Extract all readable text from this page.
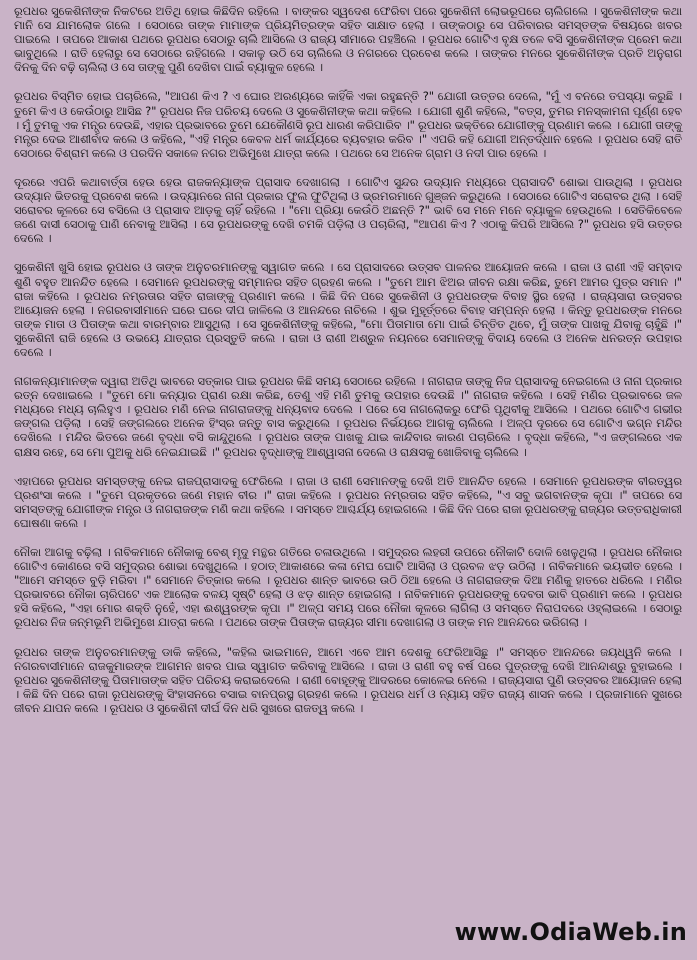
ରୂପଧର ସୁକେଶିନୀଙ୍କ ନିକଟରେ ଅତିଥି ହୋଇ କିଛିଦିନ ରହିଲେ । ବାଙ୍କର ସ୍ୱଦେଶ ଫେରିବା ପରେ ସୁକେଶିନୀ ଲୋଭରୂପରେ ଚାଲିଗଲେ । ସୁକେଶିନୀଙ୍କ କଥା ମାନି ସେ ଯାମଲୋକ ଗଲେ । ସେଠାରେ ତାଙ୍କ ମାମାଙ୍କ ପ୍ରିୟମିତ୍ରଙ୍କ ସହିତ ସାକ୍ଷାତ ହେଲା । ତାଙ୍କଠାରୁ ସେ ପରିବାରର ସମସ୍ତଙ୍କ ବିଷୟରେ ଖବର ପାଇଲେ । ତାପରେ ଆକାଶ ପଥରେ ରୂପଧର ସେଠାରୁ ଚାଲି ଆସିଲେ ଓ ରାଜ୍ୟ ସୀମାରେ ପହଞ୍ଚିଲେ । ରୂପଧର ଗୋଟିଏ ବୃକ୍ଷ ତଳେ ବସି ସୁକେଶିନୀଙ୍କ ପ୍ରେମ କଥା ଭାବୁଥିଲେ । ରାତି ହେଲାରୁ ସେ ସେଠାରେ ରହିଗଲେ । ସକାଳୁ ଉଠି ସେ ଚାଲିଲେ ଓ ନଗରରେ ପ୍ରବେଶ କଲେ । ତାଙ୍କର ମନରେ ସୁକେଶିନୀଙ୍କ ପ୍ରତି ଅନୁରାଗ ଦିନକୁ ଦିନ ବଢ଼ି ଚାଲିଲା ଓ ସେ ତାଙ୍କୁ ପୁଣି ଦେଖିବା ପାଇଁ ବ୍ୟାକୁଳ ହେଲେ ।

ରୂପଧର ବିସ୍ମିତ ହୋଇ ପଚାରିଲେ, "ଆପଣ କିଏ ? ଏ ଘୋର ଅରଣ୍ୟରେ କାହିଁକି ଏକା ରହୁଛନ୍ତି ?" ଯୋଗୀ ଉତ୍ତର ଦେଲେ, "ମୁଁ ଏ ବନରେ ତପସ୍ୟା କରୁଛି । ତୁମେ କିଏ ଓ କେଉଁଠାରୁ ଆସିଛ ?" ରୂପଧର ନିଜ ପରିଚୟ ଦେଲେ ଓ ସୁକେଶିନୀଙ୍କ କଥା କହିଲେ । ଯୋଗୀ ଶୁଣି କହିଲେ, "ବତ୍ସ, ତୁମର ମନସ୍କାମନା ପୂର୍ଣ୍ଣ ହେବ । ମୁଁ ତୁମକୁ ଏକ ମନ୍ତ୍ର ଦେଉଛି, ଏହାର ପ୍ରଭାବରେ ତୁମେ ଯେକୌଣସି ରୂପ ଧାରଣ କରିପାରିବ ।" ରୂପଧର ଭକ୍ତିରେ ଯୋଗୀଙ୍କୁ ପ୍ରଣାମ କଲେ । ଯୋଗୀ ତାଙ୍କୁ ମନ୍ତ୍ର ଦେଇ ଆଶୀର୍ବାଦ କଲେ ଓ କହିଲେ, "ଏହି ମନ୍ତ୍ର କେବଳ ଧର୍ମ କାର୍ଯ୍ୟରେ ବ୍ୟବହାର କରିବ ।" ଏପରି କହି ଯୋଗୀ ଅନ୍ତର୍ଦ୍ଧାନ ହେଲେ । ରୂପଧର ସେହି ରାତି ସେଠାରେ ବିଶ୍ରାମ କଲେ ଓ ପରଦିନ ସକାଳେ ନଗର ଅଭିମୁଖେ ଯାତ୍ରା କଲେ । ପଥରେ ସେ ଅନେକ ଗ୍ରାମ ଓ ନଦୀ ପାର ହେଲେ ।

ଦୂରରେ ଏପରି କଥାବାର୍ତ୍ତା ହେଉ ହେଉ ରାଜକନ୍ୟାଙ୍କ ପ୍ରାସାଦ ଦେଖାଗଲା । ଗୋଟିଏ ସୁନ୍ଦର ଉଦ୍ୟାନ ମଧ୍ୟରେ ପ୍ରାସାଦଟି ଶୋଭା ପାଉଥିଲା । ରୂପଧର ଉଦ୍ୟାନ ଭିତରକୁ ପ୍ରବେଶ କଲେ । ଉଦ୍ୟାନରେ ନାନା ପ୍ରକାର ଫୁଲ ଫୁଟିଥିଲା ଓ ଭ୍ରମରମାନେ ଗୁଞ୍ଜନ କରୁଥିଲେ । ସେଠାରେ ଗୋଟିଏ ସରୋବର ଥିଲା । ସେହି ସରୋବର କୂଳରେ ସେ ବସିଲେ ଓ ପ୍ରାସାଦ ଆଡ଼କୁ ଚାହିଁ ରହିଲେ । "ମୋ ପ୍ରିୟା କେଉଁଠି ଅଛନ୍ତି ?" ଭାବି ସେ ମନେ ମନେ ବ୍ୟାକୁଳ ହେଉଥିଲେ । ସେତିକିବେଳେ ଜଣେ ଦାସୀ ସେଠାକୁ ପାଣି ନେବାକୁ ଆସିଲା । ସେ ରୂପଧରଙ୍କୁ ଦେଖି ଚମକି ପଡ଼ିଲା ଓ ପଚାରିଲା, "ଆପଣ କିଏ ? ଏଠାକୁ କିପରି ଆସିଲେ ?" ରୂପଧର ହସି ଉତ୍ତର ଦେଲେ ।

ସୁକେଶିନୀ ଖୁସି ହୋଇ ରୂପଧର ଓ ତାଙ୍କ ଅନୁଚରମାନଙ୍କୁ ସ୍ୱାଗତ କଲେ । ସେ ପ୍ରାସାଦରେ ଉତ୍ସବ ପାଳନର ଆୟୋଜନ କଲେ । ରାଜା ଓ ରାଣୀ ଏହି ସମ୍ବାଦ ଶୁଣି ବହୁତ ଆନନ୍ଦିତ ହେଲେ । ସେମାନେ ରୂପଧରଙ୍କୁ ସମ୍ମାନର ସହିତ ଗ୍ରହଣ କଲେ । "ତୁମେ ଆମ ଝିଅର ଜୀବନ ରକ୍ଷା କରିଛ, ତୁମେ ଆମର ପୁତ୍ର ସମାନ ।" ରାଜା କହିଲେ । ରୂପଧର ନମ୍ରତାର ସହିତ ରାଜାଙ୍କୁ ପ୍ରଣାମ କଲେ । କିଛି ଦିନ ପରେ ସୁକେଶିନୀ ଓ ରୂପଧରଙ୍କ ବିବାହ ସ୍ଥିର ହେଲା । ରାଜ୍ୟସାରା ଉତ୍ସବର ଆୟୋଜନ ହେଲା । ନଗରବାସୀମାନେ ଘରେ ଘରେ ଦୀପ ଜାଳିଲେ ଓ ଆନନ୍ଦରେ ନାଚିଲେ । ଶୁଭ ମୁହୂର୍ତ୍ତରେ ବିବାହ ସମ୍ପନ୍ନ ହେଲା । କିନ୍ତୁ ରୂପଧରଙ୍କ ମନରେ ତାଙ୍କ ମାତା ଓ ପିତାଙ୍କ କଥା ବାରମ୍ବାର ଆସୁଥିଲା । ସେ ସୁକେଶିନୀଙ୍କୁ କହିଲେ, "ମୋ ପିତାମାତା ମୋ ପାଇଁ ଚିନ୍ତିତ ଥିବେ, ମୁଁ ତାଙ୍କ ପାଖକୁ ଯିବାକୁ ଚାହୁଁଛି ।" ସୁକେଶିନୀ ରାଜି ହେଲେ ଓ ଉଭୟେ ଯାତ୍ରାର ପ୍ରସ୍ତୁତି କଲେ । ରାଜା ଓ ରାଣୀ ଅଶ୍ରୁଳ ନୟନରେ ସେମାନଙ୍କୁ ବିଦାୟ ଦେଲେ ଓ ଅନେକ ଧନରତ୍ନ ଉପହାର ଦେଲେ ।

ନାଗକନ୍ୟାମାନଙ୍କ ଦ୍ୱାରା ଅତିଥି ଭାବରେ ସତ୍କାର ପାଇ ରୂପଧର କିଛି ସମୟ ସେଠାରେ ରହିଲେ । ନାଗରାଜ ତାଙ୍କୁ ନିଜ ପ୍ରାସାଦକୁ ନେଇଗଲେ ଓ ନାନା ପ୍ରକାର ରତ୍ନ ଦେଖାଇଲେ । "ତୁମେ ମୋ କନ୍ୟାର ପ୍ରାଣ ରକ୍ଷା କରିଛ, ତେଣୁ ଏହି ମଣି ତୁମକୁ ଉପହାର ଦେଉଛି ।" ନାଗରାଜ କହିଲେ । ସେହି ମଣିର ପ୍ରଭାବରେ ଜଳ ମଧ୍ୟରେ ମଧ୍ୟ ଚାଲିହୁଏ । ରୂପଧର ମଣି ନେଇ ନାଗରାଜଙ୍କୁ ଧନ୍ୟବାଦ ଦେଲେ । ପରେ ସେ ନାଗଲୋକରୁ ଫେରି ପୃଥିବୀକୁ ଆସିଲେ । ପଥରେ ଗୋଟିଏ ଗଭୀର ଜଙ୍ଗଲ ପଡ଼ିଲା । ସେହି ଜଙ୍ଗଲରେ ଅନେକ ହିଂସ୍ର ଜନ୍ତୁ ବାସ କରୁଥିଲେ । ରୂପଧର ନିର୍ଭୟରେ ଆଗକୁ ଚାଲିଲେ । ଅଳ୍ପ ଦୂରରେ ସେ ଗୋଟିଏ ଭଗ୍ନ ମନ୍ଦିର ଦେଖିଲେ । ମନ୍ଦିର ଭିତରେ ଜଣେ ବୃଦ୍ଧା ବସି କାନ୍ଦୁଥିଲେ । ରୂପଧର ତାଙ୍କ ପାଖକୁ ଯାଇ କାନ୍ଦିବାର କାରଣ ପଚାରିଲେ । ବୃଦ୍ଧା କହିଲେ, "ଏ ଜଙ୍ଗଲରେ ଏକ ରାକ୍ଷସ ରହେ, ସେ ମୋ ପୁଅକୁ ଧରି ନେଇଯାଇଛି ।" ରୂପଧର ବୃଦ୍ଧାଙ୍କୁ ଆଶ୍ୱାସନା ଦେଲେ ଓ ରାକ୍ଷସକୁ ଖୋଜିବାକୁ ଚାଲିଲେ ।

ଏହାପରେ ରୂପଧର ସମସ୍ତଙ୍କୁ ନେଇ ରାଜପ୍ରାସାଦକୁ ଫେରିଲେ । ରାଜା ଓ ରାଣୀ ସେମାନଙ୍କୁ ଦେଖି ଅତି ଆନନ୍ଦିତ ହେଲେ । ସେମାନେ ରୂପଧରଙ୍କ ବୀରତ୍ୱର ପ୍ରଶଂସା କଲେ । "ତୁମେ ପ୍ରକୃତରେ ଜଣେ ମହାନ ବୀର ।" ରାଜା କହିଲେ । ରୂପଧର ନମ୍ରତାର ସହିତ କହିଲେ, "ଏ ସବୁ ଭଗବାନଙ୍କ କୃପା ।" ତାପରେ ସେ ସମସ୍ତଙ୍କୁ ଯୋଗୀଙ୍କ ମନ୍ତ୍ର ଓ ନାଗରାଜଙ୍କ ମଣି କଥା କହିଲେ । ସମସ୍ତେ ଆଶ୍ଚର୍ଯ୍ୟ ହୋଇଗଲେ । କିଛି ଦିନ ପରେ ରାଜା ରୂପଧରଙ୍କୁ ରାଜ୍ୟର ଉତ୍ତରାଧିକାରୀ ଘୋଷଣା କଲେ ।

ନୌକା ଆଗକୁ ବଢ଼ିଲା । ନାବିକମାନେ ନୌକାକୁ ବେଶ୍ ମୃଦୁ ମନ୍ଥର ଗତିରେ ଚଳାଉଥିଲେ । ସମୁଦ୍ରର ଲହରୀ ଉପରେ ନୌକାଟି ଦୋଳି ଖେଳୁଥିଲା । ରୂପଧର ନୌକାର ଗୋଟିଏ କୋଣରେ ବସି ସମୁଦ୍ରର ଶୋଭା ଦେଖୁଥିଲେ । ହଠାତ୍ ଆକାଶରେ କଳା ମେଘ ଘୋଟି ଆସିଲା ଓ ପ୍ରବଳ ଝଡ଼ ଉଠିଲା । ନାବିକମାନେ ଭୟଭୀତ ହେଲେ । "ଆମେ ସମସ୍ତେ ବୁଡ଼ି ମରିବା ।" ସେମାନେ ଚିତ୍କାର କଲେ । ରୂପଧର ଶାନ୍ତ ଭାବରେ ଉଠି ଠିଆ ହେଲେ ଓ ନାଗରାଜଙ୍କ ଦିଆ ମଣିକୁ ହାତରେ ଧରିଲେ । ମଣିର ପ୍ରଭାବରେ ନୌକା ଚାରିପଟେ ଏକ ଆଲୋକ ବଳୟ ସୃଷ୍ଟି ହେଲା ଓ ଝଡ଼ ଶାନ୍ତ ହୋଇଗଲା । ନାବିକମାନେ ରୂପଧରଙ୍କୁ ଦେବତା ଭାବି ପ୍ରଣାମ କଲେ । ରୂପଧର ହସି କହିଲେ, "ଏହା ମୋର ଶକ୍ତି ନୁହେଁ, ଏହା ଈଶ୍ୱରଙ୍କ କୃପା ।" ଅଳ୍ପ ସମୟ ପରେ ନୌକା କୂଳରେ ଲାଗିଲା ଓ ସମସ୍ତେ ନିରାପଦରେ ଓହ୍ଲାଇଲେ । ସେଠାରୁ ରୂପଧର ନିଜ ଜନ୍ମଭୂମି ଅଭିମୁଖେ ଯାତ୍ରା କଲେ । ପଥରେ ତାଙ୍କ ପିତାଙ୍କ ରାଜ୍ୟର ସୀମା ଦେଖାଗଲା ଓ ତାଙ୍କ ମନ ଆନନ୍ଦରେ ଭରିଗଲା ।

ରୂପଧର ତାଙ୍କ ଅନୁଚରମାନଙ୍କୁ ଡାକି କହିଲେ, "କହିଲ ଭାଇମାନେ, ଆମେ ଏବେ ଆମ ଦେଶକୁ ଫେରିଆସିଛୁ ।" ସମସ୍ତେ ଆନନ୍ଦରେ ଜୟଧ୍ୱନି କଲେ । ନଗରବାସୀମାନେ ରାଜକୁମାରଙ୍କ ଆଗମନ ଖବର ପାଇ ସ୍ୱାଗତ କରିବାକୁ ଆସିଲେ । ରାଜା ଓ ରାଣୀ ବହୁ ବର୍ଷ ପରେ ପୁତ୍ରଙ୍କୁ ଦେଖି ଆନନ୍ଦାଶ୍ରୁ ବୁହାଇଲେ । ରୂପଧର ସୁକେଶିନୀଙ୍କୁ ପିତାମାତାଙ୍କ ସହିତ ପରିଚୟ କରାଇଦେଲେ । ରାଣୀ ବୋହୂଙ୍କୁ ଆଦରରେ କୋଳେଇ ନେଲେ । ରାଜ୍ୟସାରା ପୁଣି ଉତ୍ସବର ଆୟୋଜନ ହେଲା । କିଛି ଦିନ ପରେ ରାଜା ରୂପଧରଙ୍କୁ ସିଂହାସନରେ ବସାଇ ବାନପ୍ରସ୍ଥ ଗ୍ରହଣ କଲେ । ରୂପଧର ଧର୍ମ ଓ ନ୍ୟାୟ ସହିତ ରାଜ୍ୟ ଶାସନ କଲେ । ପ୍ରଜାମାନେ ସୁଖରେ ଜୀବନ ଯାପନ କଲେ । ରୂପଧର ଓ ସୁକେଶିନୀ ଦୀର୍ଘ ଦିନ ଧରି ସୁଖରେ ରାଜତ୍ୱ କଲେ ।

www.OdiaWeb.in
